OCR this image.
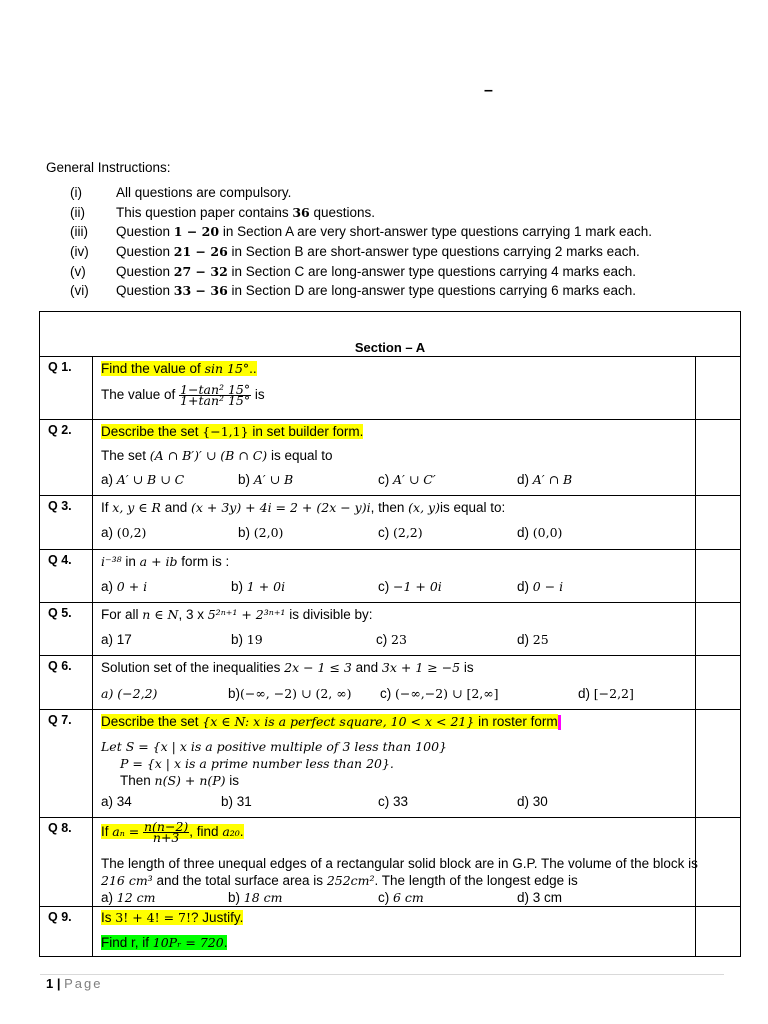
–
General Instructions:
(i)	All questions are compulsory.
(ii) This question paper contains 36 questions.
(iii) Question 1 − 20 in Section A are very short-answer type questions carrying 1 mark each.
(iv) Question 21 − 26 in Section B are short-answer type questions carrying 2 marks each.
(v) Question 27 − 32 in Section C are long-answer type questions carrying 4 marks each.
(vi) Question 33 − 36 in Section D are long-answer type questions carrying 6 marks each.
Section – A
Q 1. Find the value of sin 15°..
The value of $\frac{\text{1−tan² 15°}}{\text{1+tan² 15°}}$ is
Q 2. Describe the set {−1,1} in set builder form.
The set (A ∩ B′)′ ∪ (B ∩ C) is equal to
a) A′ ∪ B ∪ C	b) A′ ∪ B	c) A′ ∪ C′	d) A′ ∩ B
Q 3. If x, y ∈ R and (x + 3y) + 4i = 2 + (2x − y)i, then (x, y)is equal to:
a) (0,2)	b) (2,0)	c) (2,2)	d) (0,0)
Q 4. i⁻³⁸ in a + ib form is :
a) 0 + i	b) 1 + 0i	c) −1 + 0i	d) 0 − i
Q 5. For all n ∈ N, 3 x 5²ⁿ⁺¹ + 2³ⁿ⁺¹ is divisible by:
a) 17	b) 19	c) 23	d) 25
Q 6. Solution set of the inequalities 2x − 1 ≤ 3 and 3x + 1 ≥ −5 is
a) (−2,2)	b)(−∞, −2) ∪ (2, ∞) c) (−∞,−2) ∪ [2,∞]	d) [−2,2]
Q 7. Describe the set {x ∈ N: x is a perfect square, 10 < x < 21} in roster form
Let S = {x | x is a positive multiple of 3 less than 100}
P = {x | x is a prime number less than 20}.
Then n(S) + n(P) is
a) 34	b) 31	c) 33	d) 30
Q 8. If $a_n = \frac{n(n-2)}{n+3}$ , find a₂₀.
The length of three unequal edges of a rectangular solid block are in G.P. The volume of the block is
216 cm³ and the total surface area is 252cm². The length of the longest edge is
a) 12 cm	b) 18 cm	c) 6 cm	d) 3 cm
Q 9. Is 3! + 4! = 7!? Justify.
Find r, if 10Pᵣ = 720.
1 | Page
